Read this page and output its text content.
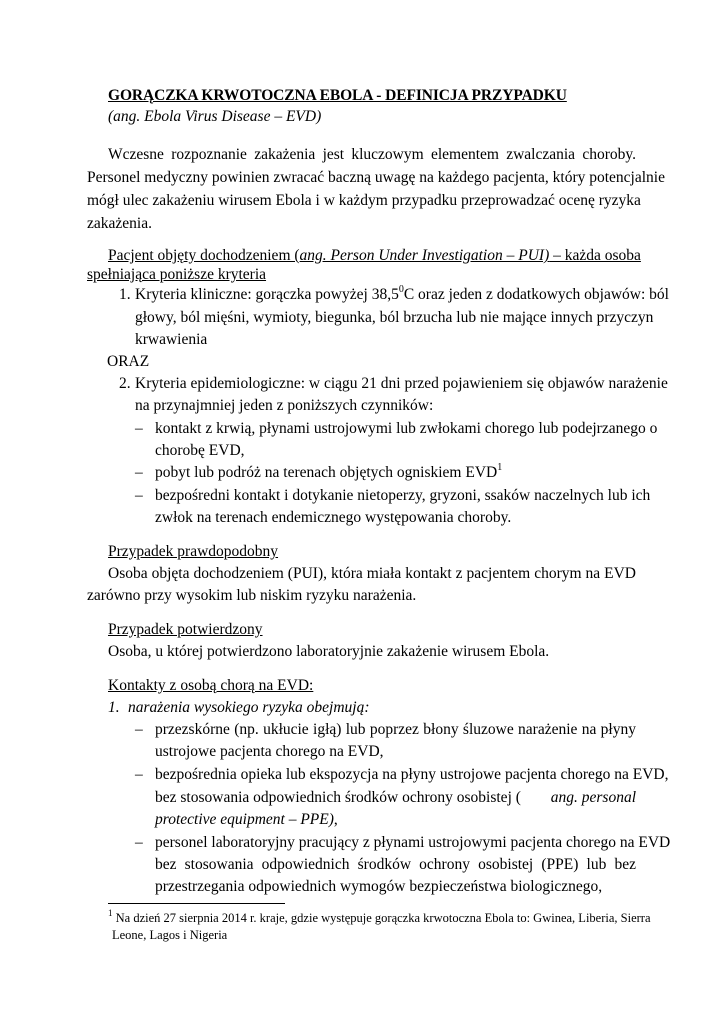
GORĄCZKA KRWOTOCZNA EBOLA - DEFINICJA PRZYPADKU
(ang. Ebola Virus Disease – EVD)
Wczesne rozpoznanie zakażenia jest kluczowym elementem zwalczania choroby.
Personel medyczny powinien zwracać baczną uwagę na każdego pacjenta, który potencjalnie
mógł ulec zakażeniu wirusem Ebola i w każdym przypadku przeprowadzać ocenę ryzyka
zakażenia.
Pacjent objęty dochodzeniem (ang. Person Under Investigation – PUI) – każda osoba
spełniająca poniższe kryteria
1. Kryteria kliniczne: gorączka powyżej 38,5$^0$C oraz jeden z dodatkowych objawów: ból
głowy, ból mięśni, wymioty, biegunka, ból brzucha lub nie mające innych przyczyn
krwawienia
ORAZ
2. Kryteria epidemiologiczne: w ciągu 21 dni przed pojawieniem się objawów narażenie
na przynajmniej jeden z poniższych czynników:
– kontakt z krwią, płynami ustrojowymi lub zwłokami chorego lub podejrzanego o
chorobę EVD,
– pobyt lub podróż na terenach objętych ogniskiem EVD$^1$
– bezpośredni kontakt i dotykanie nietoperzy, gryzoni, ssaków naczelnych lub ich
zwłok na terenach endemicznego występowania choroby.
Przypadek prawdopodobny
Osoba objęta dochodzeniem (PUI), która miała kontakt z pacjentem chorym na EVD
zarówno przy wysokim lub niskim ryzyku narażenia.
Przypadek potwierdzony
Osoba, u której potwierdzono laboratoryjnie zakażenie wirusem Ebola.
Kontakty z osobą chorą na EVD:
1. narażenia wysokiego ryzyka obejmują:
– przezskórne (np. ukłucie igłą) lub poprzez błony śluzowe narażenie na płyny
ustrojowe pacjenta chorego na EVD,
– bezpośrednia opieka lub ekspozycja na płyny ustrojowe pacjenta chorego na EVD,
bez stosowania odpowiednich środków ochrony osobistej ( ang. personal
protective equipment – PPE),
– personel laboratoryjny pracujący z płynami ustrojowymi pacjenta chorego na EVD
bez stosowania odpowiednich środków ochrony osobistej (PPE) lub bez
przestrzegania odpowiednich wymogów bezpieczeństwa biologicznego,
$^1$ Na dzień 27 sierpnia 2014 r. kraje, gdzie występuje gorączka krwotoczna Ebola to: Gwinea, Liberia, Sierra
Leone, Lagos i Nigeria
